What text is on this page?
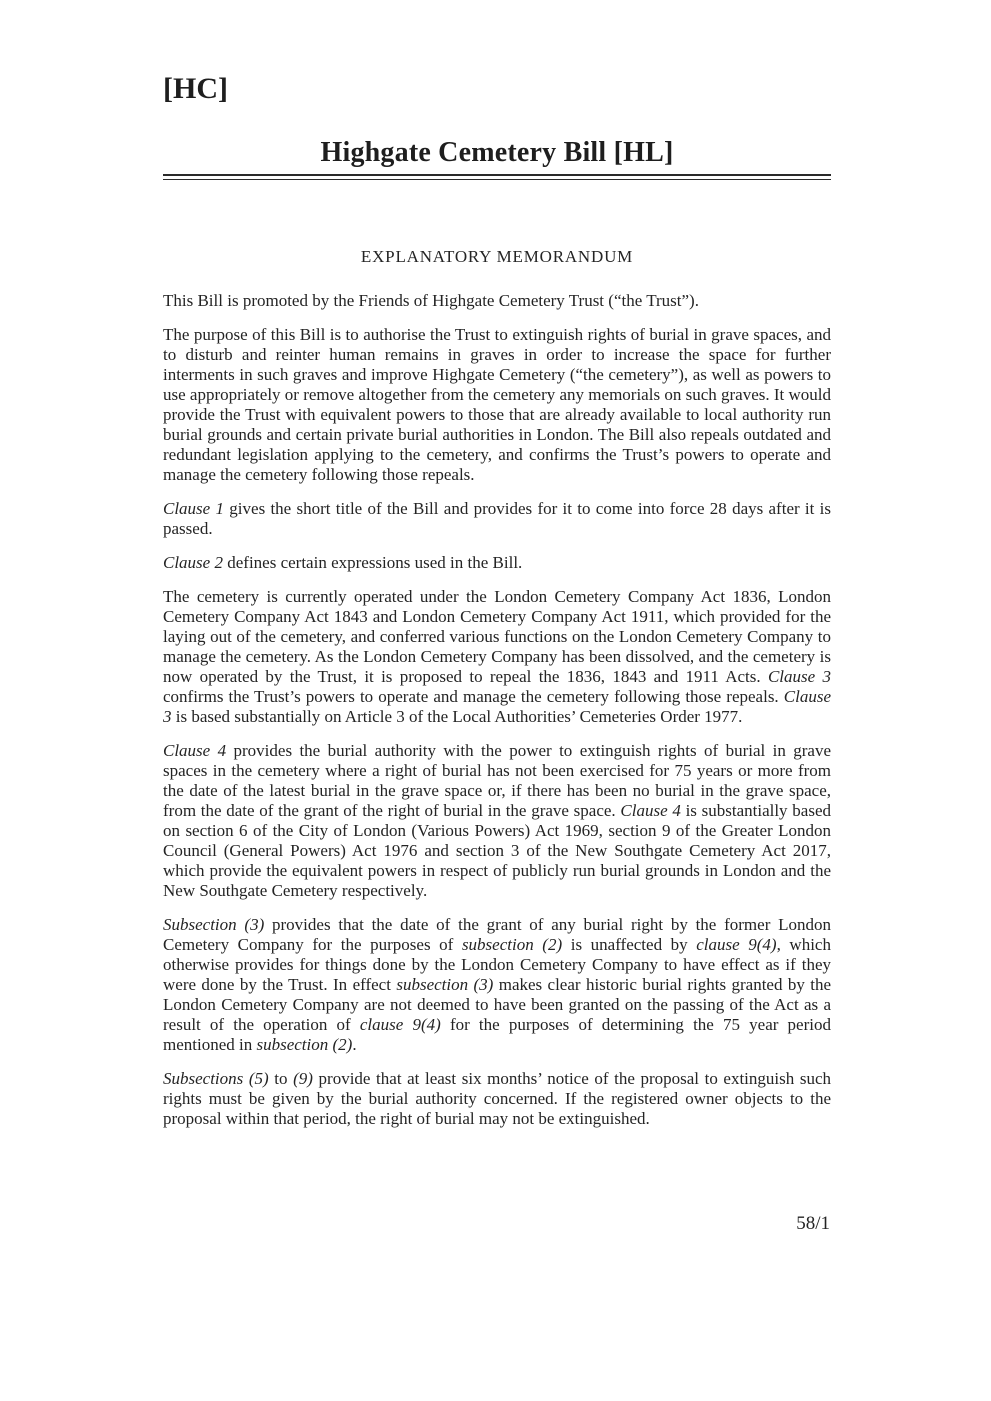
[HC]
Highgate Cemetery Bill [HL]
EXPLANATORY MEMORANDUM

This Bill is promoted by the Friends of Highgate Cemetery Trust (“the Trust”).

The purpose of this Bill is to authorise the Trust to extinguish rights of burial in grave spaces, and to disturb and reinter human remains in graves in order to increase the space for further interments in such graves and improve Highgate Cemetery (“the cemetery”), as well as powers to use appropriately or remove altogether from the cemetery any memorials on such graves. It would provide the Trust with equivalent powers to those that are already available to local authority run burial grounds and certain private burial authorities in London. The Bill also repeals outdated and redundant legislation applying to the cemetery, and confirms the Trust’s powers to operate and manage the cemetery following those repeals.

Clause 1 gives the short title of the Bill and provides for it to come into force 28 days after it is passed.

Clause 2 defines certain expressions used in the Bill.

The cemetery is currently operated under the London Cemetery Company Act 1836, London Cemetery Company Act 1843 and London Cemetery Company Act 1911, which provided for the laying out of the cemetery, and conferred various functions on the London Cemetery Company to manage the cemetery. As the London Cemetery Company has been dissolved, and the cemetery is now operated by the Trust, it is proposed to repeal the 1836, 1843 and 1911 Acts. Clause 3 confirms the Trust’s powers to operate and manage the cemetery following those repeals. Clause 3 is based substantially on Article 3 of the Local Authorities’ Cemeteries Order 1977.

Clause 4 provides the burial authority with the power to extinguish rights of burial in grave spaces in the cemetery where a right of burial has not been exercised for 75 years or more from the date of the latest burial in the grave space or, if there has been no burial in the grave space, from the date of the grant of the right of burial in the grave space. Clause 4 is substantially based on section 6 of the City of London (Various Powers) Act 1969, section 9 of the Greater London Council (General Powers) Act 1976 and section 3 of the New Southgate Cemetery Act 2017, which provide the equivalent powers in respect of publicly run burial grounds in London and the New Southgate Cemetery respectively.

Subsection (3) provides that the date of the grant of any burial right by the former London Cemetery Company for the purposes of subsection (2) is unaffected by clause 9(4), which otherwise provides for things done by the London Cemetery Company to have effect as if they were done by the Trust. In effect subsection (3) makes clear historic burial rights granted by the London Cemetery Company are not deemed to have been granted on the passing of the Act as a result of the operation of clause 9(4) for the purposes of determining the 75 year period mentioned in subsection (2).

Subsections (5) to (9) provide that at least six months’ notice of the proposal to extinguish such rights must be given by the burial authority concerned. If the registered owner objects to the proposal within that period, the right of burial may not be extinguished.

58/1
